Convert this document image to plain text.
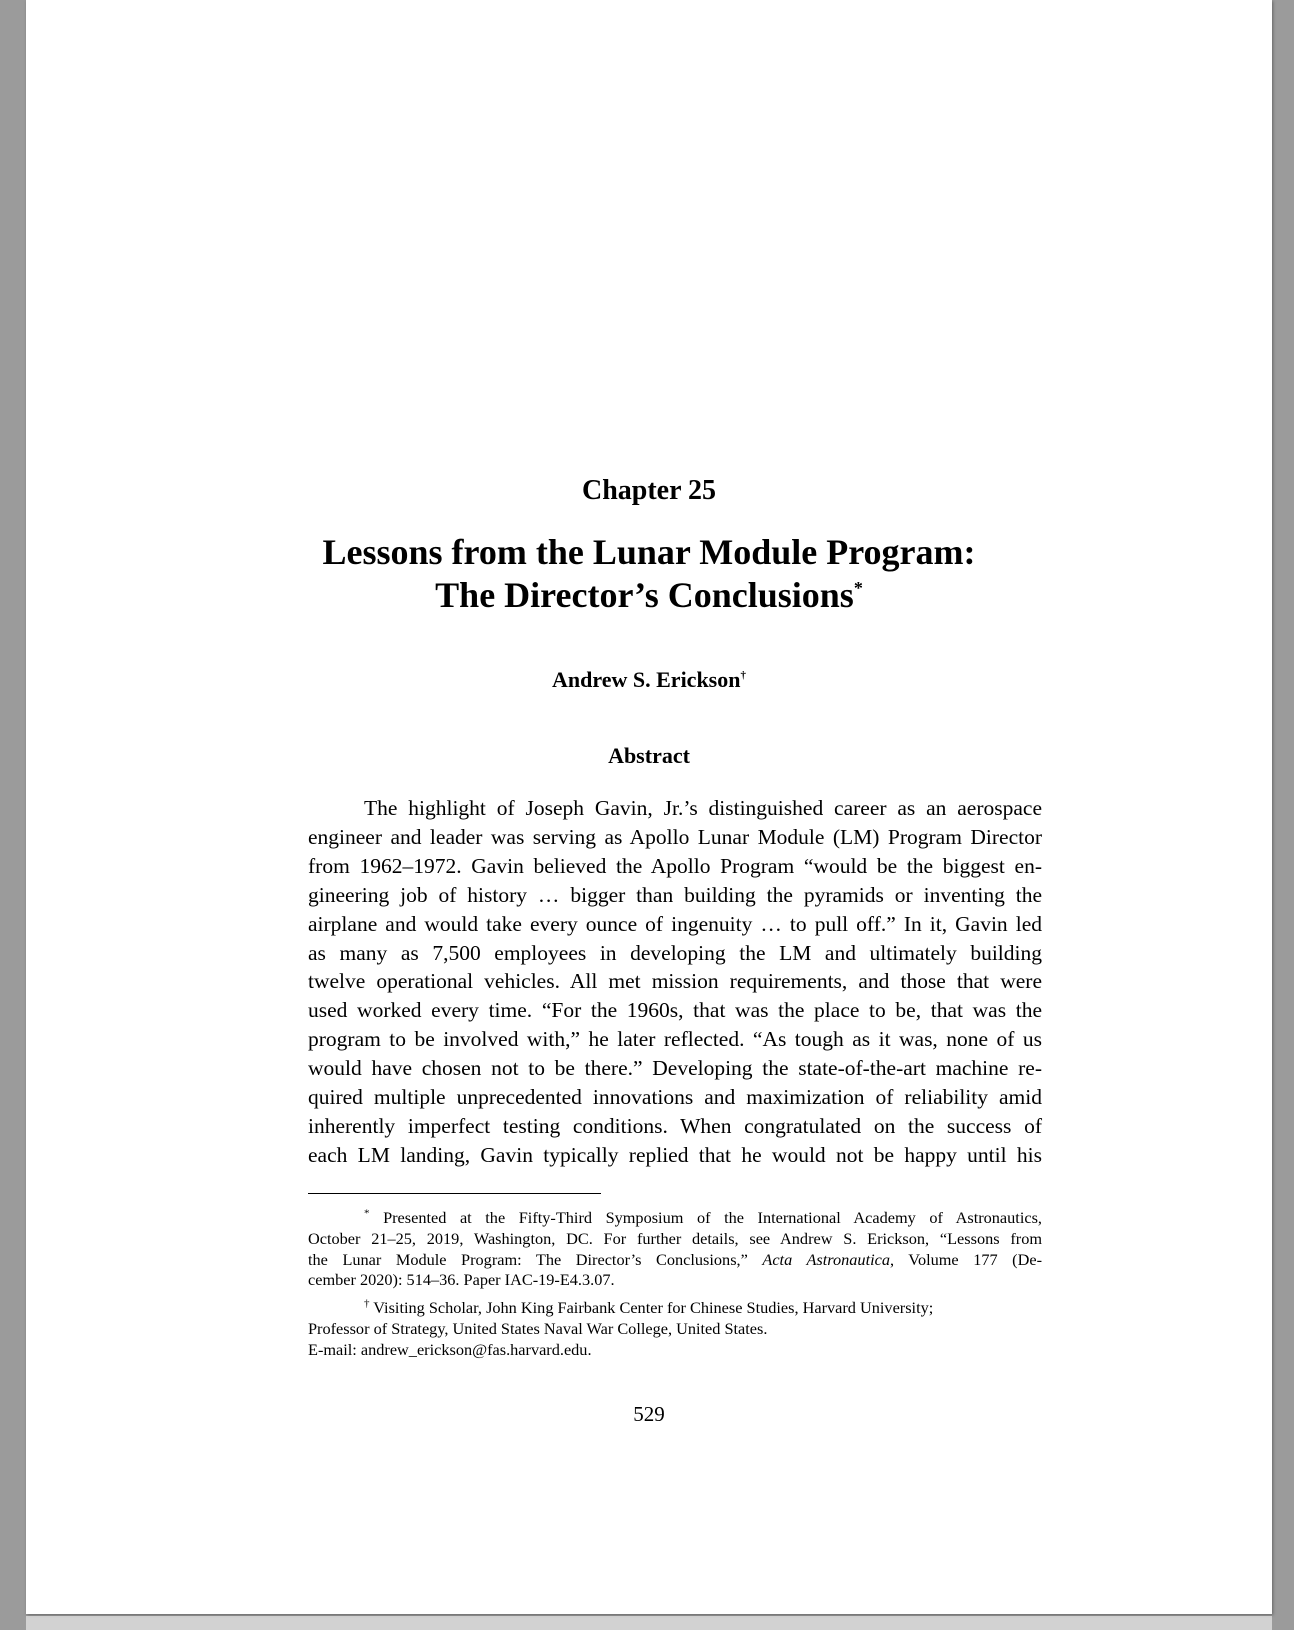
Chapter 25
Lessons from the Lunar Module Program:
The Director’s Conclusions*
Andrew S. Erickson†
Abstract
The highlight of Joseph Gavin, Jr.’s distinguished career as an aerospace
engineer and leader was serving as Apollo Lunar Module (LM) Program Director
from 1962–1972. Gavin believed the Apollo Program “would be the biggest en-
gineering job of history … bigger than building the pyramids or inventing the
airplane and would take every ounce of ingenuity … to pull off.” In it, Gavin led
as many as 7,500 employees in developing the LM and ultimately building
twelve operational vehicles. All met mission requirements, and those that were
used worked every time. “For the 1960s, that was the place to be, that was the
program to be involved with,” he later reflected. “As tough as it was, none of us
would have chosen not to be there.” Developing the state-of-the-art machine re-
quired multiple unprecedented innovations and maximization of reliability amid
inherently imperfect testing conditions. When congratulated on the success of
each LM landing, Gavin typically replied that he would not be happy until his
* Presented at the Fifty-Third Symposium of the International Academy of Astronautics,
October 21–25, 2019, Washington, DC. For further details, see Andrew S. Erickson, “Lessons from
the Lunar Module Program: The Director’s Conclusions,” Acta Astronautica, Volume 177 (De-
cember 2020): 514–36. Paper IAC-19-E4.3.07.
† Visiting Scholar, John King Fairbank Center for Chinese Studies, Harvard University;
Professor of Strategy, United States Naval War College, United States.
E-mail: andrew_erickson@fas.harvard.edu.
529
